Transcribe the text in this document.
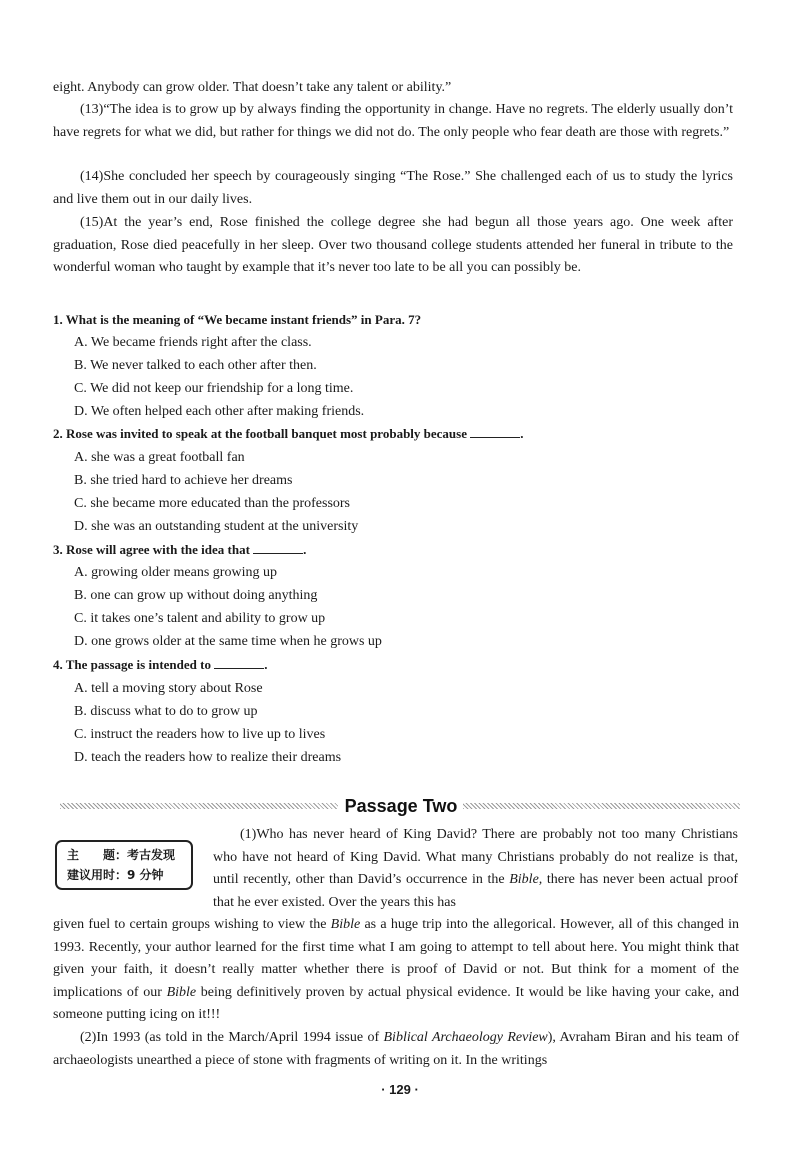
eight. Anybody can grow older. That doesn’t take any talent or ability.”

(13)“The idea is to grow up by always finding the opportunity in change. Have no regrets. The elderly usually don’t have regrets for what we did, but rather for things we did not do. The only people who fear death are those with regrets.”

(14)She concluded her speech by courageously singing “The Rose.” She challenged each of us to study the lyrics and live them out in our daily lives.

(15)At the year’s end, Rose finished the college degree she had begun all those years ago. One week after graduation, Rose died peacefully in her sleep. Over two thousand college students attended her funeral in tribute to the wonderful woman who taught by example that it’s never too late to be all you can possibly be.

1. What is the meaning of “We became instant friends” in Para. 7?

A. We became friends right after the class.

B. We never talked to each other after then.

C. We did not keep our friendship for a long time.

D. We often helped each other after making friends.

2. Rose was invited to speak at the football banquet most probably because	.

A. she was a great football fan

B. she tried hard to achieve her dreams

C. she became more educated than the professors

D. she was an outstanding student at the university

3. Rose will agree with the idea that	.

A. growing older means growing up

B. one can grow up without doing anything

C. it takes one’s talent and ability to grow up

D. one grows older at the same time when he grows up

4. The passage is intended to	.

A. tell a moving story about Rose

B. discuss what to do to grow up

C. instruct the readers how to live up to lives

D. teach the readers how to realize their dreams

Passage Two
主　　题：考古发现
建议用时：9 分钟

(1)Who has never heard of King David? There are probably not too many Christians who have not heard of King David. What many Christians probably do not realize is that, until recently, other than David’s occurrence in the Bible, there has never been actual proof that he ever existed. Over the years this has

given fuel to certain groups wishing to view the Bible as a huge trip into the allegorical. However, all of this changed in 1993. Recently, your author learned for the first time what I am going to attempt to tell about here. You might think that given your faith, it doesn’t really matter whether there is proof of David or not. But think for a moment of the implications of our Bible being definitively proven by actual physical evidence. It would be like having your cake, and someone putting icing on it!!!

(2)In 1993 (as told in the March/April 1994 issue of Biblical Archaeology Review), Avraham Biran and his team of archaeologists unearthed a piece of stone with fragments of writing on it. In the writings

· 129 ·
